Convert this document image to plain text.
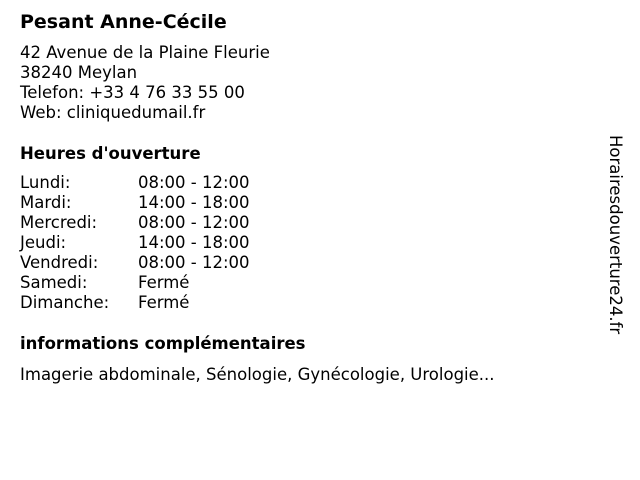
Pesant Anne-Cécile
42 Avenue de la Plaine Fleurie
38240 Meylan
Telefon: +33 4 76 33 55 00
Web: cliniquedumail.fr
Heures d'ouverture
Lundi:	08:00 - 12:00
Mardi:	14:00 - 18:00
Mercredi: 08:00 - 12:00
Jeudi:	14:00 - 18:00
Vendredi: 08:00 - 12:00
Samedi:	Fermé
Dimanche: Fermé
informations complémentaires
Imagerie abdominale, Sénologie, Gynécologie, Urologie...
Horairesdouverture24.fr
